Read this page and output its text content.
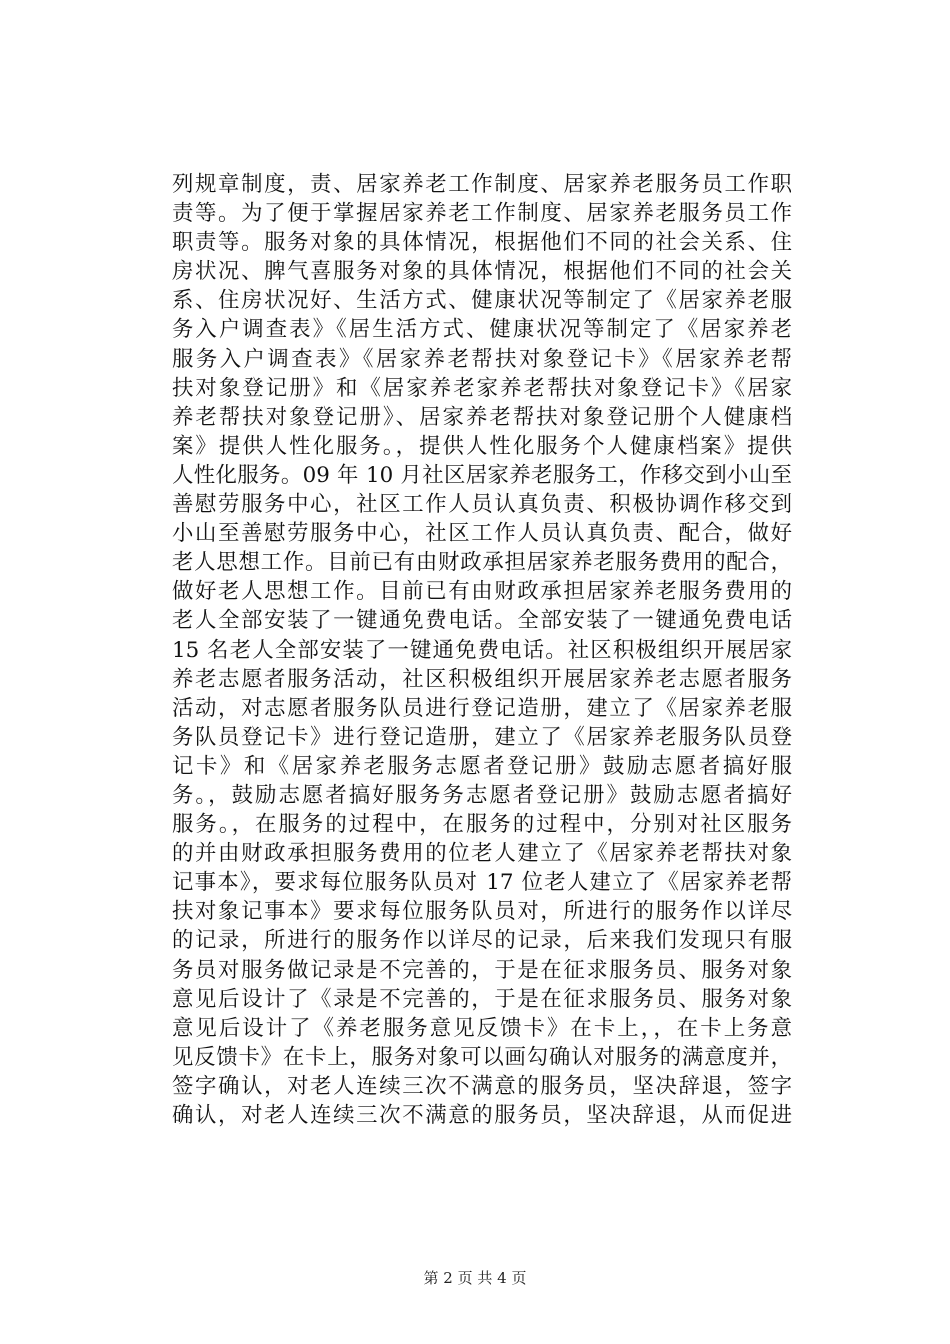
列规章制度，责、居家养老工作制度、居家养老服务员工作职
责等。为了便于掌握居家养老工作制度、居家养老服务员工作
职责等。服务对象的具体情况，根据他们不同的社会关系、住
房状况、脾气喜服务对象的具体情况，根据他们不同的社会关
系、住房状况好、生活方式、健康状况等制定了《居家养老服
务入户调查表》《居生活方式、健康状况等制定了《居家养老
服务入户调查表》《居家养老帮扶对象登记卡》《居家养老帮
扶对象登记册》和《居家养老家养老帮扶对象登记卡》《居家
养老帮扶对象登记册》、居家养老帮扶对象登记册个人健康档
案》提供人性化服务。，提供人性化服务个人健康档案》提供
人性化服务。09 年 10 月社区居家养老服务工，作移交到小山至
善慰劳服务中心，社区工作人员认真负责、积极协调作移交到
小山至善慰劳服务中心，社区工作人员认真负责、配合，做好
老人思想工作。目前已有由财政承担居家养老服务费用的配合，
做好老人思想工作。目前已有由财政承担居家养老服务费用的
老人全部安装了一键通免费电话。全部安装了一键通免费电话
15 名老人全部安装了一键通免费电话。社区积极组织开展居家
养老志愿者服务活动，社区积极组织开展居家养老志愿者服务
活动，对志愿者服务队员进行登记造册，建立了《居家养老服
务队员登记卡》进行登记造册，建立了《居家养老服务队员登
记卡》和《居家养老服务志愿者登记册》鼓励志愿者搞好服
务。，鼓励志愿者搞好服务务志愿者登记册》鼓励志愿者搞好
服务。，在服务的过程中，在服务的过程中，分别对社区服务
的并由财政承担服务费用的位老人建立了《居家养老帮扶对象
记事本》，要求每位服务队员对 17 位老人建立了《居家养老帮
扶对象记事本》要求每位服务队员对，所进行的服务作以详尽
的记录，所进行的服务作以详尽的记录，后来我们发现只有服
务员对服务做记录是不完善的，于是在征求服务员、服务对象
意见后设计了《录是不完善的，于是在征求服务员、服务对象
意见后设计了《养老服务意见反馈卡》在卡上，，在卡上务意
见反馈卡》在卡上，服务对象可以画勾确认对服务的满意度并，
签字确认，对老人连续三次不满意的服务员，坚决辞退，签字
确认，对老人连续三次不满意的服务员，坚决辞退，从而促进
第 2 页 共 4 页
